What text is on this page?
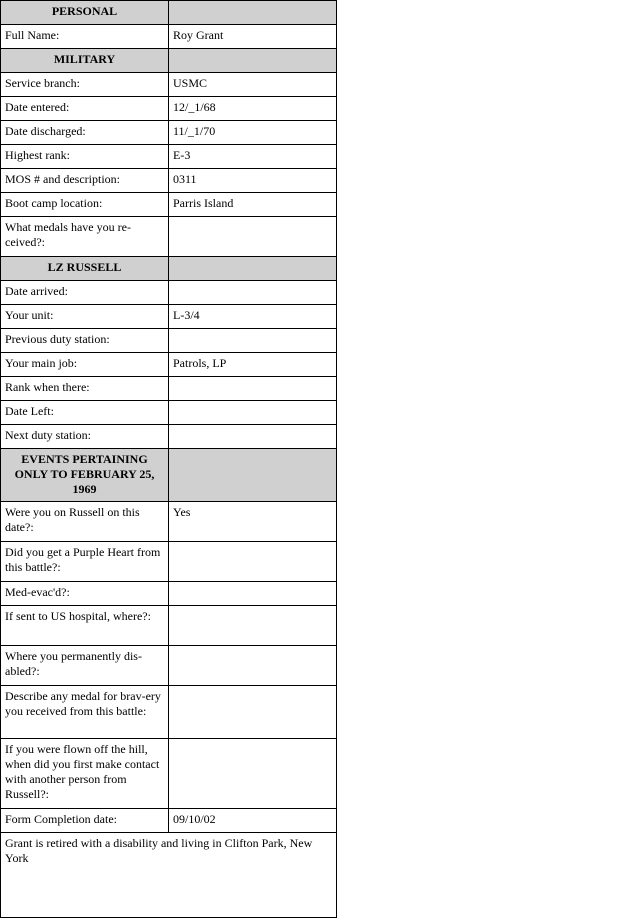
PERSONAL	
Full Name:	Roy Grant
MILITARY	
Service branch:	USMC
Date entered:	12/_1/68
Date discharged:	11/_1/70
Highest rank:	E-3
MOS # and description:	0311
Boot camp location:	Parris Island
What medals have you re-ceived?:	
LZ RUSSELL	
Date arrived:	
Your unit:	L-3/4
Previous duty station:	
Your main job:	Patrols, LP
Rank when there:	
Date Left:	
Next duty station:	
EVENTS PERTAINING ONLY TO FEBRUARY 25, 1969	
Were you on Russell on this date?:	Yes
Did you get a Purple Heart from this battle?:	
Med-evac'd?:	
If sent to US hospital, where?:	
Where you permanently dis-abled?:	
Describe any medal for brav-ery you received from this battle:	
If you were flown off the hill, when did you first make contact with another person from Russell?:	
Form Completion date:	09/10/02
Grant is retired with a disability and living in Clifton Park, New York	
